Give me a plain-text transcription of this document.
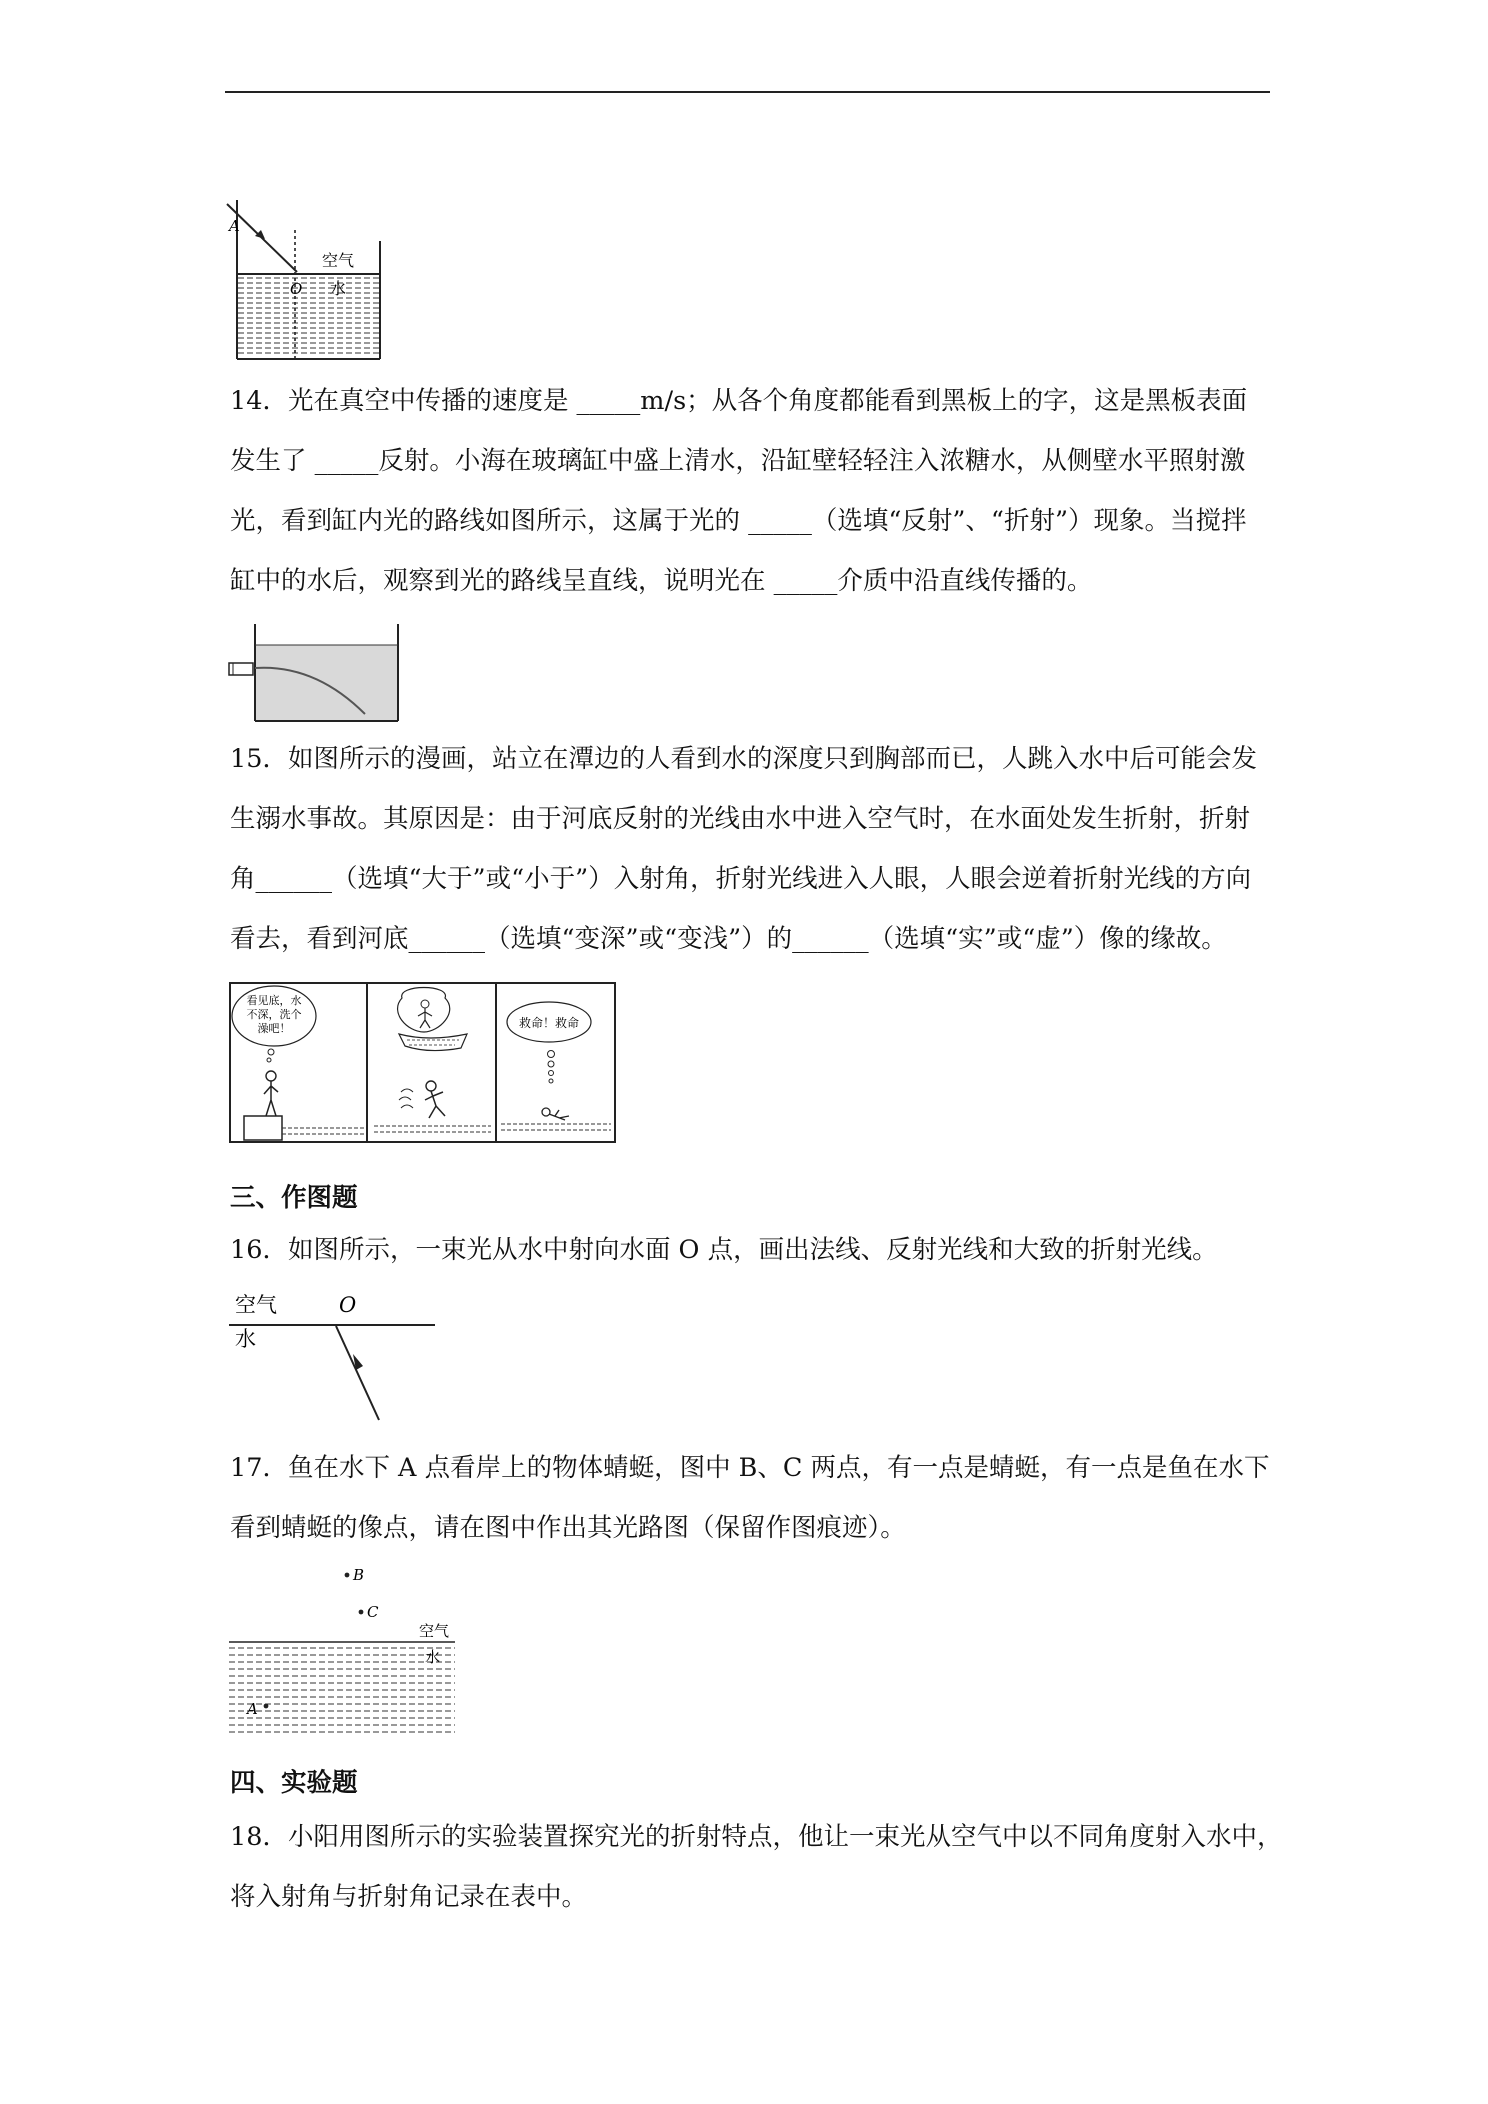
A
O
空气
水
14．光在真空中传播的速度是 _____m/s；从各个角度都能看到黑板上的字，这是黑板表面
发生了 _____反射。小海在玻璃缸中盛上清水，沿缸壁轻轻注入浓糖水，从侧壁水平照射激
光，看到缸内光的路线如图所示，这属于光的 _____（选填“反射”、“折射”）现象。当搅拌
缸中的水后，观察到光的路线呈直线，说明光在 _____介质中沿直线传播的。
15．如图所示的漫画，站立在潭边的人看到水的深度只到胸部而已，人跳入水中后可能会发
生溺水事故。其原因是：由于河底反射的光线由水中进入空气时，在水面处发生折射，折射
角______（选填“大于”或“小于”）入射角，折射光线进入人眼，人眼会逆着折射光线的方向
看去，看到河底______（选填“变深”或“变浅”）的______（选填“实”或“虚”）像的缘故。
看见底，水
不深，洗个
澡吧！	救命！救命
三、作图题
16．如图所示，一束光从水中射向水面 O 点，画出法线、反射光线和大致的折射光线。
空气	O
水
17．鱼在水下 A 点看岸上的物体蜻蜓，图中 B、C 两点，有一点是蜻蜓，有一点是鱼在水下
看到蜻蜓的像点，请在图中作出其光路图（保留作图痕迹）。
B
C
空气
水
A
四、实验题
18．小阳用图所示的实验装置探究光的折射特点，他让一束光从空气中以不同角度射入水中，
将入射角与折射角记录在表中。
